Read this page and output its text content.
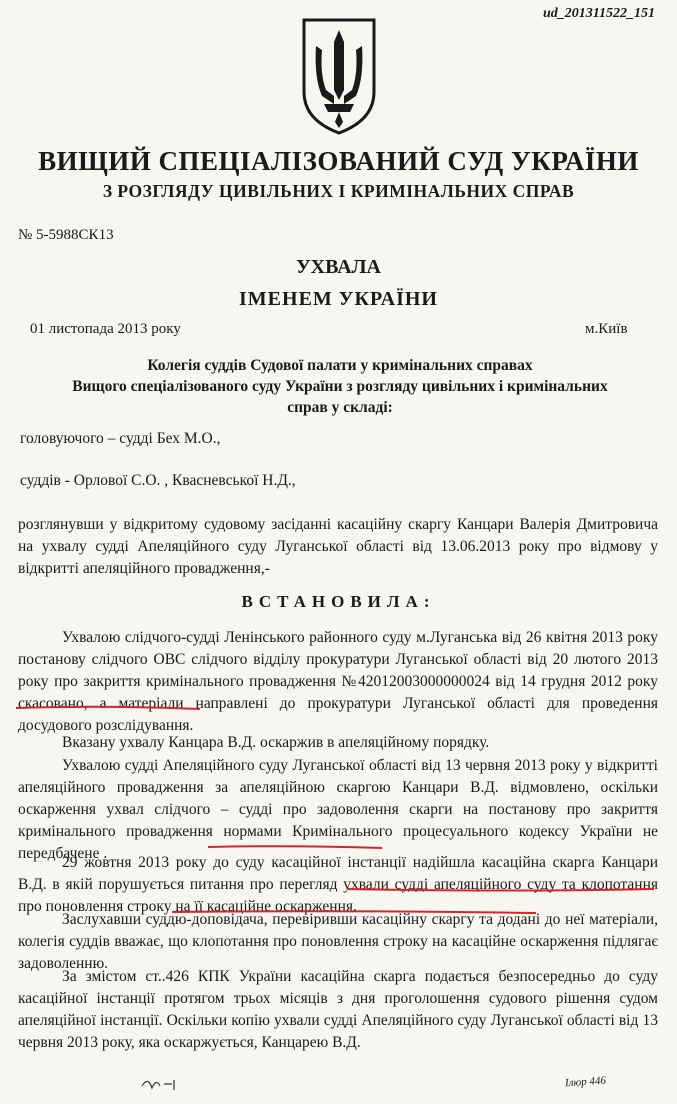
ud_201311522_151
ВИЩИЙ СПЕЦІАЛІЗОВАНИЙ СУД УКРАЇНИ
З РОЗГЛЯДУ ЦИВІЛЬНИХ І КРИМІНАЛЬНИХ СПРАВ
№ 5-5988СК13
УХВАЛА
ІМЕНЕМ УКРАЇНИ
01 листопада 2013 року	м.Київ
Колегія суддів Судової палати у кримінальних справах
Вищого спеціалізованого суду України з розгляду цивільних і кримінальних
справ у складі:
головуючого – судді Бех М.О.,
суддів - Орлової С.О. , Квасневської Н.Д.,
розглянувши у відкритому судовому засіданні касаційну скаргу Канцари Валерія Дмитровича на ухвалу судді Апеляційного суду Луганської області від 13.06.2013 року про відмову у відкритті апеляційного провадження,-
ВСТАНОВИЛА:
Ухвалою слідчого-судді Ленінського районного суду м.Луганська від 26 квітня 2013 року постанову слідчого ОВС слідчого відділу прокуратури Луганської області від 20 лютого 2013 року про закриття кримінального провадження №42012003000000024 від 14 грудня 2012 року скасовано, а матеріали направлені до прокуратури Луганської області для проведення досудового розслідування.
Вказану ухвалу Канцара В.Д. оскаржив в апеляційному порядку.
Ухвалою судді Апеляційного суду Луганської області від 13 червня 2013 року у відкритті апеляційного провадження за апеляційною скаргою Канцари В.Д. відмовлено, оскільки оскарження ухвал слідчого – судді про задоволення скарги на постанову про закриття кримінального провадження нормами Кримінального процесуального кодексу України не передбачене .
29 жовтня 2013 року до суду касаційної інстанції надійшла касаційна скарга Канцари В.Д. в якій порушується питання про перегляд ухвали судді апеляційного суду та клопотання про поновлення строку на її касаційне оскарження.
Заслухавши суддю-доповідача, перевіривши касаційну скаргу та додані до неї матеріали, колегія суддів вважає, що клопотання про поновлення строку на касаційне оскарження підлягає задоволенню.
За змістом ст..426 КПК України касаційна скарга подається безпосередньо до суду касаційної інстанції протягом трьох місяців з дня проголошення судового рішення судом апеляційної інстанції. Оскільки копію ухвали судді Апеляційного суду Луганської області від 13 червня 2013 року, яка оскаржується, Канцарею В.Д.
Ілюр 446
